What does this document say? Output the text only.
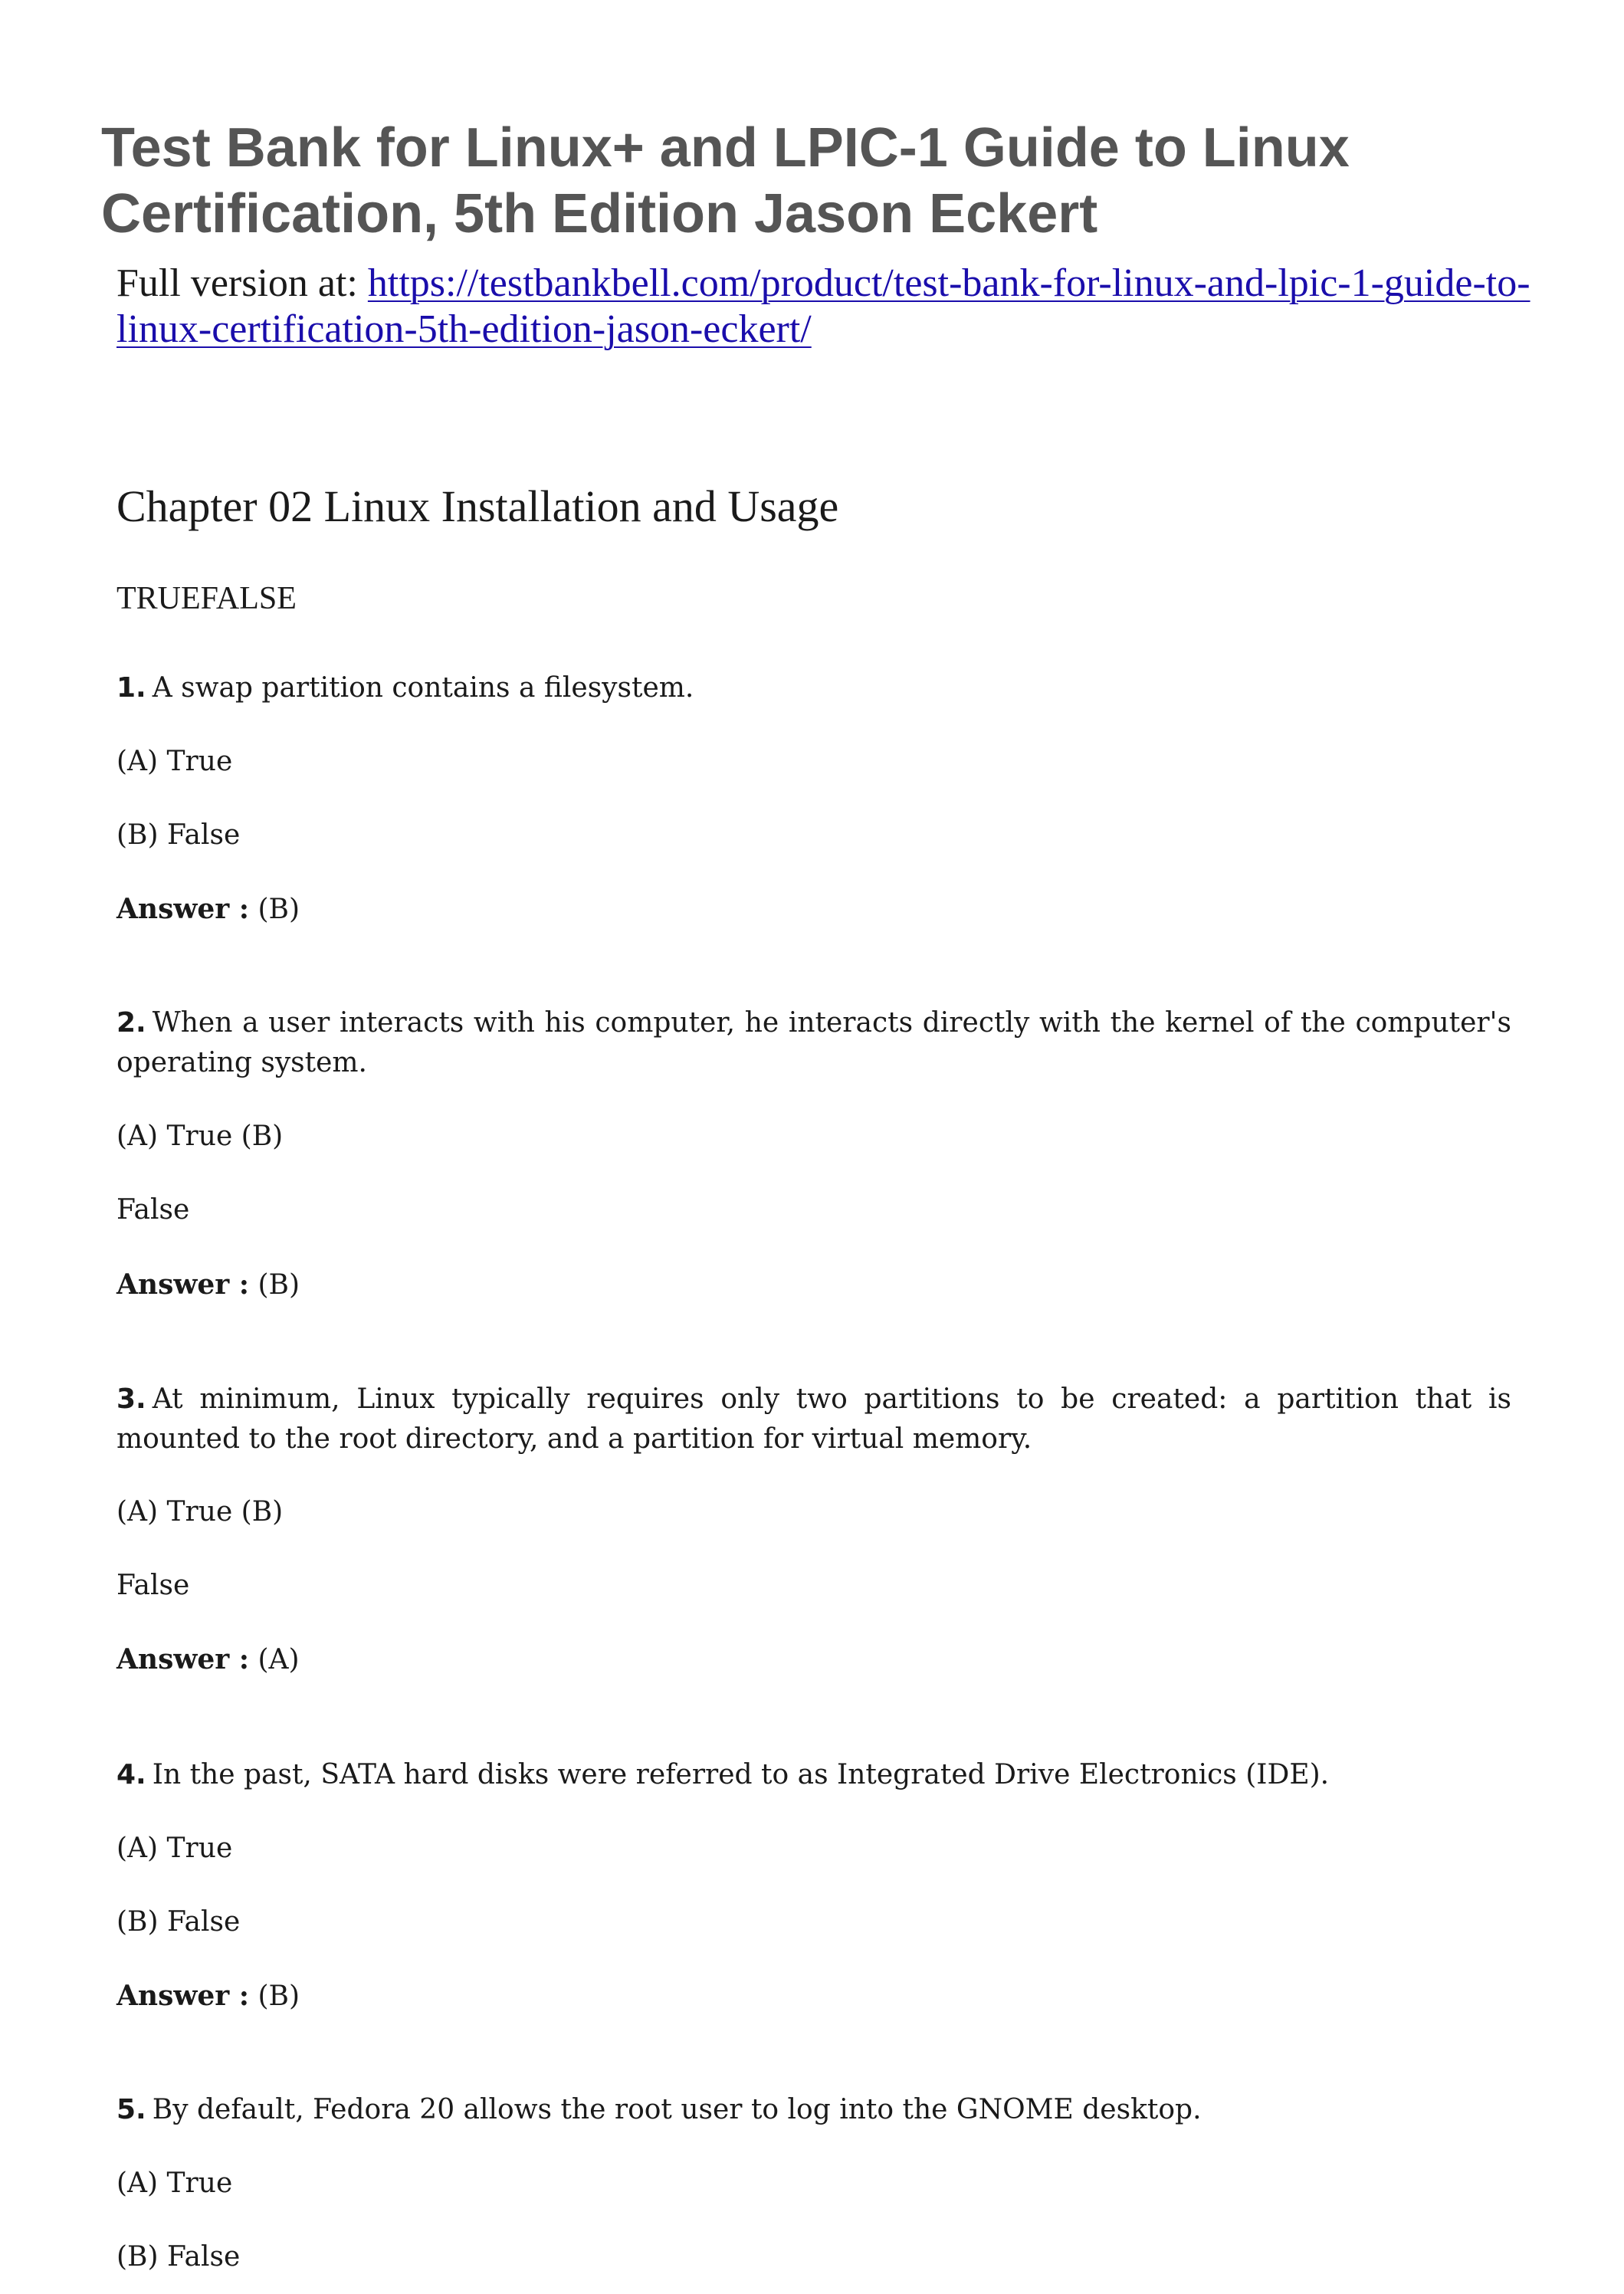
Test Bank for Linux+ and LPIC-1 Guide to Linux Certification, 5th Edition Jason Eckert

Full version at: https://testbankbell.com/product/test-bank-for-linux-and-lpic-1-guide-to-linux-certification-5th-edition-jason-eckert/

Chapter 02 Linux Installation and Usage

TRUEFALSE

1. A swap partition contains a filesystem.

(A) True

(B) False

Answer : (B)

2. When a user interacts with his computer, he interacts directly with the kernel of the computer's operating system.

(A) True (B)

False

Answer : (B)

3. At minimum, Linux typically requires only two partitions to be created: a partition that is mounted to the root directory, and a partition for virtual memory.

(A) True (B)

False

Answer : (A)

4. In the past, SATA hard disks were referred to as Integrated Drive Electronics (IDE).

(A) True

(B) False

Answer : (B)

5. By default, Fedora 20 allows the root user to log into the GNOME desktop.

(A) True

(B) False
